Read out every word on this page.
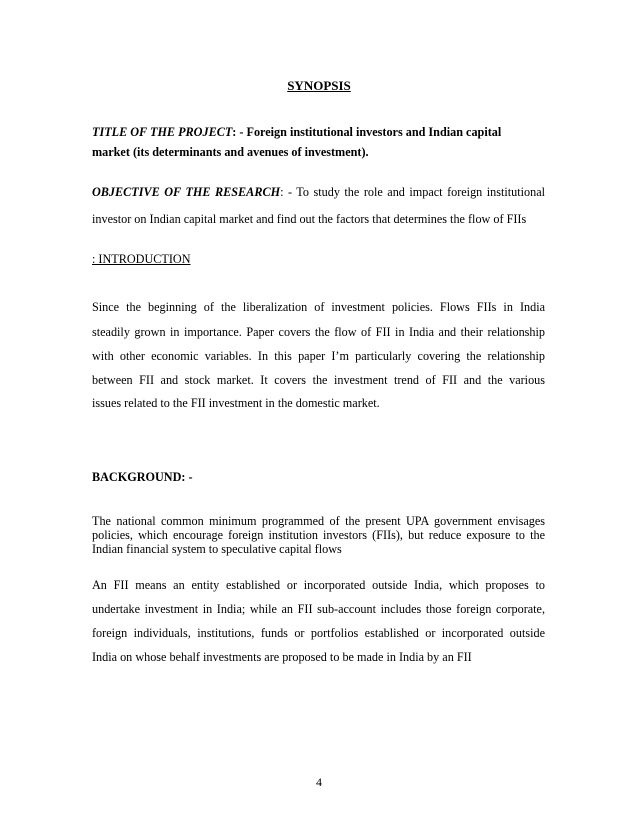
SYNOPSIS
TITLE OF THE PROJECT: - Foreign institutional investors and Indian capital
market (its determinants and avenues of investment).
OBJECTIVE OF THE RESEARCH: - To study the role and impact foreign institutional
investor on Indian capital market and find out the factors that determines the flow of FIIs
: INTRODUCTION
Since the beginning of the liberalization of investment policies. Flows FIIs in India
steadily grown in importance. Paper covers the flow of FII in India and their relationship
with other economic variables. In this paper I’m particularly covering the relationship
between FII and stock market. It covers the investment trend of FII and the various
issues related to the FII investment in the domestic market.
BACKGROUND: -
The national common minimum programmed of the present UPA government envisages
policies, which encourage foreign institution investors (FIIs), but reduce exposure to the
Indian financial system to speculative capital flows
An FII means an entity established or incorporated outside India, which proposes to
undertake investment in India; while an FII sub-account includes those foreign corporate,
foreign individuals, institutions, funds or portfolios established or incorporated outside
India on whose behalf investments are proposed to be made in India by an FII
4
